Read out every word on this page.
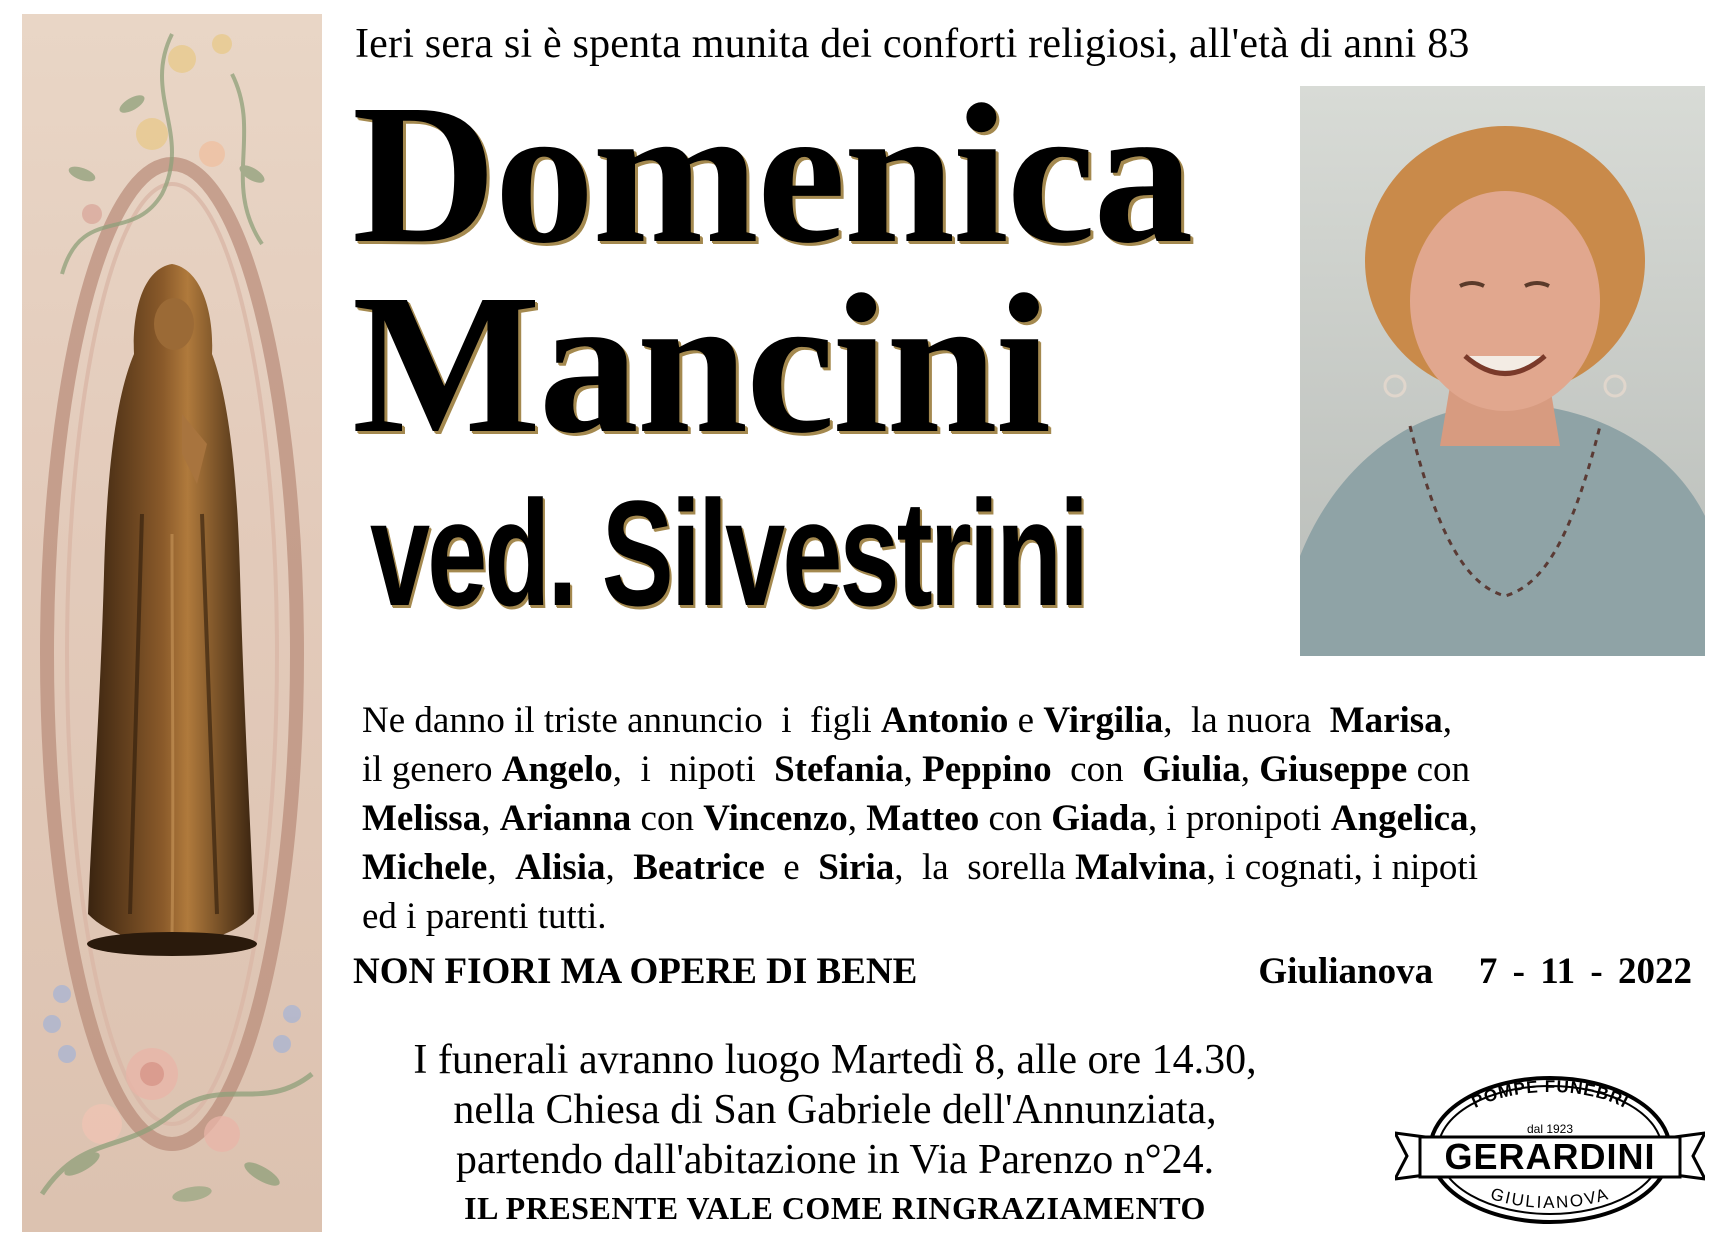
Ieri sera si è spenta munita dei conforti religiosi, all'età di anni 83
Domenica
Mancini
ved. Silvestrini
Ne danno il triste annuncio  i  figli Antonio e Virgilia,  la nuora  Marisa,
il genero Angelo,  i  nipoti  Stefania, Peppino  con  Giulia, Giuseppe con
Melissa, Arianna con Vincenzo, Matteo con Giada, i pronipoti Angelica,
Michele,  Alisia,  Beatrice  e  Siria,  la  sorella Malvina, i cognati, i nipoti
ed i parenti tutti.
NON FIORI MA OPERE DI BENE	Giulianova 7 - 11 - 2022
I funerali avranno luogo Martedì 8, alle ore 14.30,
nella Chiesa di San Gabriele dell'Annunziata,
partendo dall'abitazione in Via Parenzo n°24.
IL PRESENTE VALE COME RINGRAZIAMENTO
POMPE FUNEBRI
dal 1923
GERARDINI
GIULIANOVA
